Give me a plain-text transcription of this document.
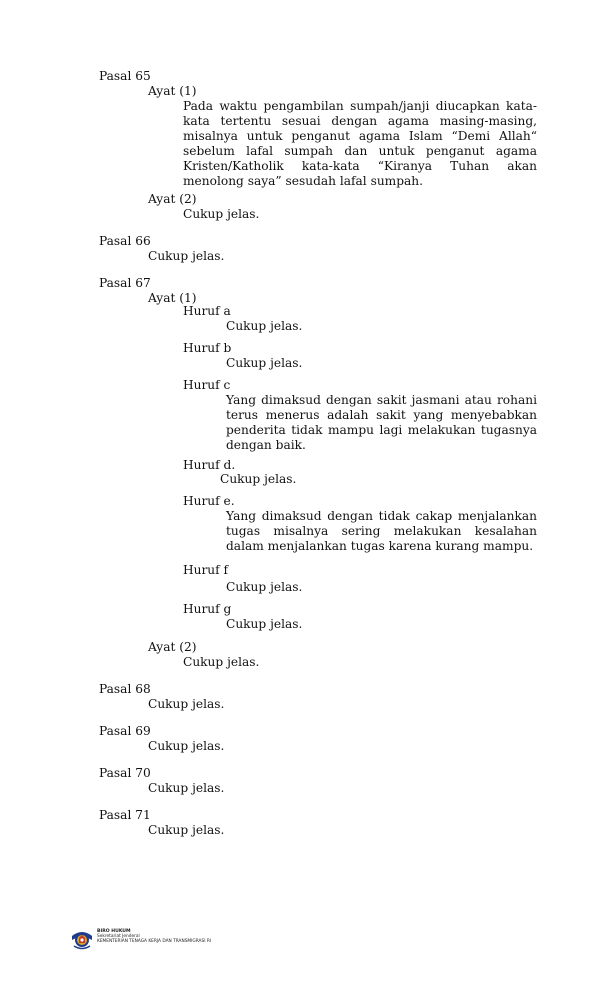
Pasal 65

Ayat (1)

Pada waktu pengambilan sumpah/janji diucapkan kata-kata tertentu sesuai dengan agama masing-masing, misalnya untuk penganut agama Islam “Demi Allah“ sebelum lafal sumpah dan untuk penganut agama Kristen/Katholik kata-kata “Kiranya Tuhan akan menolong saya” sesudah lafal sumpah.

Ayat (2)

Cukup jelas.

Pasal 66

Cukup jelas.

Pasal 67

Ayat (1)

Huruf a

Cukup jelas.

Huruf b

Cukup jelas.

Huruf c

Yang dimaksud dengan sakit jasmani atau rohani terus menerus adalah sakit yang menyebabkan penderita tidak mampu lagi melakukan tugasnya dengan baik.

Huruf d.

Cukup jelas.

Huruf e.

Yang dimaksud dengan tidak cakap menjalankan tugas misalnya sering melakukan kesalahan dalam menjalankan tugas karena kurang mampu.

Huruf f

Cukup jelas.

Huruf g

Cukup jelas.

Ayat (2)

Cukup jelas.

Pasal 68

Cukup jelas.

Pasal 69

Cukup jelas.

Pasal 70

Cukup jelas.

Pasal 71

Cukup jelas.

BIRO HUKUM

Sekretariat Jenderal

KEMENTERIAN TENAGA KERJA DAN TRANSMIGRASI RI
